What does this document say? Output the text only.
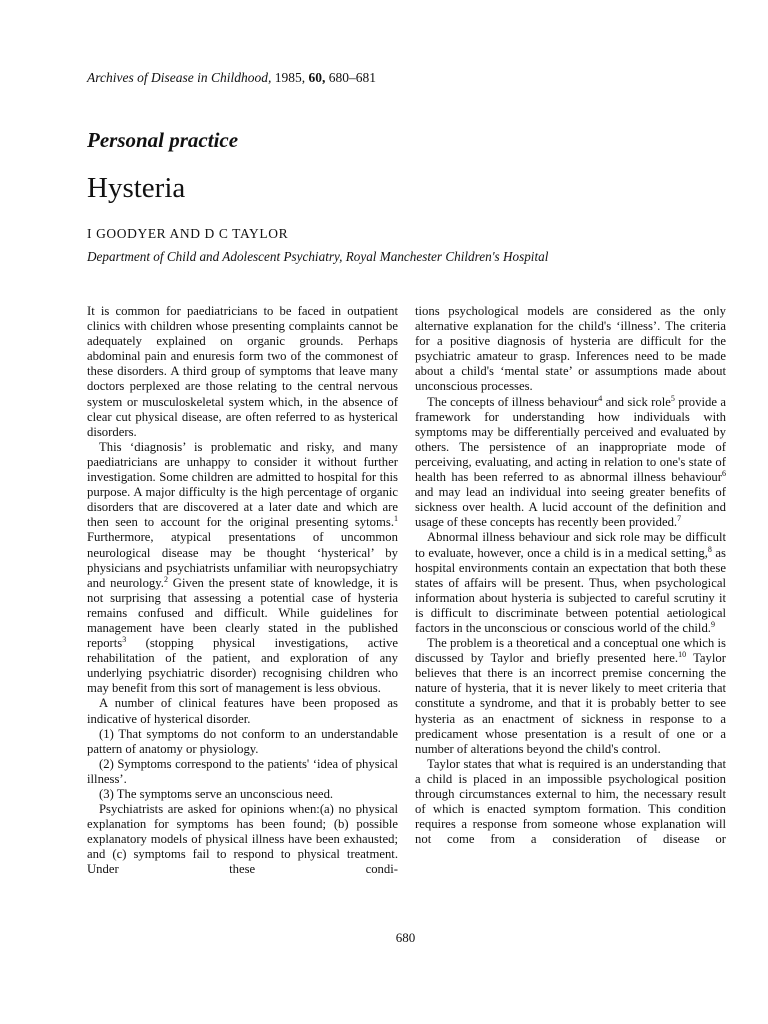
Archives of Disease in Childhood, 1985, 60, 680–681
Personal practice
Hysteria
I GOODYER AND D C TAYLOR
Department of Child and Adolescent Psychiatry, Royal Manchester Children's Hospital

It is common for paediatricians to be faced in outpatient clinics with children whose presenting complaints cannot be adequately explained on organic grounds. Perhaps abdominal pain and enuresis form two of the commonest of these disorders. A third group of symptoms that leave many doctors perplexed are those relating to the central nervous system or musculoskeletal system which, in the absence of clear cut physical disease, are often referred to as hysterical disorders.

This ‘diagnosis’ is problematic and risky, and many paediatricians are unhappy to consider it without further investigation. Some children are admitted to hospital for this purpose. A major difficulty is the high percentage of organic disorders that are discovered at a later date and which are then seen to account for the original presenting sytoms.$^1$ Furthermore, atypical presentations of uncommon neurological disease may be thought ‘hysterical’ by physicians and psychiatrists unfamiliar with neuropsychiatry and neurology.$^2$ Given the present state of knowledge, it is not surprising that assessing a potential case of hysteria remains confused and difficult. While guidelines for management have been clearly stated in the published reports$^3$ (stopping physical investigations, active rehabilitation of the patient, and exploration of any underlying psychiatric disorder) recognising children who may benefit from this sort of management is less obvious.

A number of clinical features have been proposed as indicative of hysterical disorder.

(1) That symptoms do not conform to an understandable pattern of anatomy or physiology.

(2) Symptoms correspond to the patients' ‘idea of physical illness’.

(3) The symptoms serve an unconscious need.

Psychiatrists are asked for opinions when:(a) no physical explanation for symptoms has been found; (b) possible explanatory models of physical illness have been exhausted; and (c) symptoms fail to respond to physical treatment. Under these condi-

tions psychological models are considered as the only alternative explanation for the child's ‘illness’. The criteria for a positive diagnosis of hysteria are difficult for the psychiatric amateur to grasp. Inferences need to be made about a child's ‘mental state’ or assumptions made about unconscious processes.

The concepts of illness behaviour$^4$ and sick role$^5$ provide a framework for understanding how individuals with symptoms may be differentially perceived and evaluated by others. The persistence of an inappropriate mode of perceiving, evaluating, and acting in relation to one's state of health has been referred to as abnormal illness behaviour$^6$ and may lead an individual into seeing greater benefits of sickness over health. A lucid account of the definition and usage of these concepts has recently been provided.$^7$

Abnormal illness behaviour and sick role may be difficult to evaluate, however, once a child is in a medical setting,$^8$ as hospital environments contain an expectation that both these states of affairs will be present. Thus, when psychological information about hysteria is subjected to careful scrutiny it is difficult to discriminate between potential aetiological factors in the unconscious or conscious world of the child.$^9$

The problem is a theoretical and a conceptual one which is discussed by Taylor and briefly presented here.$^{10}$ Taylor believes that there is an incorrect premise concerning the nature of hysteria, that it is never likely to meet criteria that constitute a syndrome, and that it is probably better to see hysteria as an enactment of sickness in response to a predicament whose presentation is a result of one or a number of alterations beyond the child's control.

Taylor states that what is required is an understanding that a child is placed in an impossible psychological position through circumstances external to him, the necessary result of which is enacted symptom formation. This condition requires a response from someone whose explanation will not come from a consideration of disease or

680
